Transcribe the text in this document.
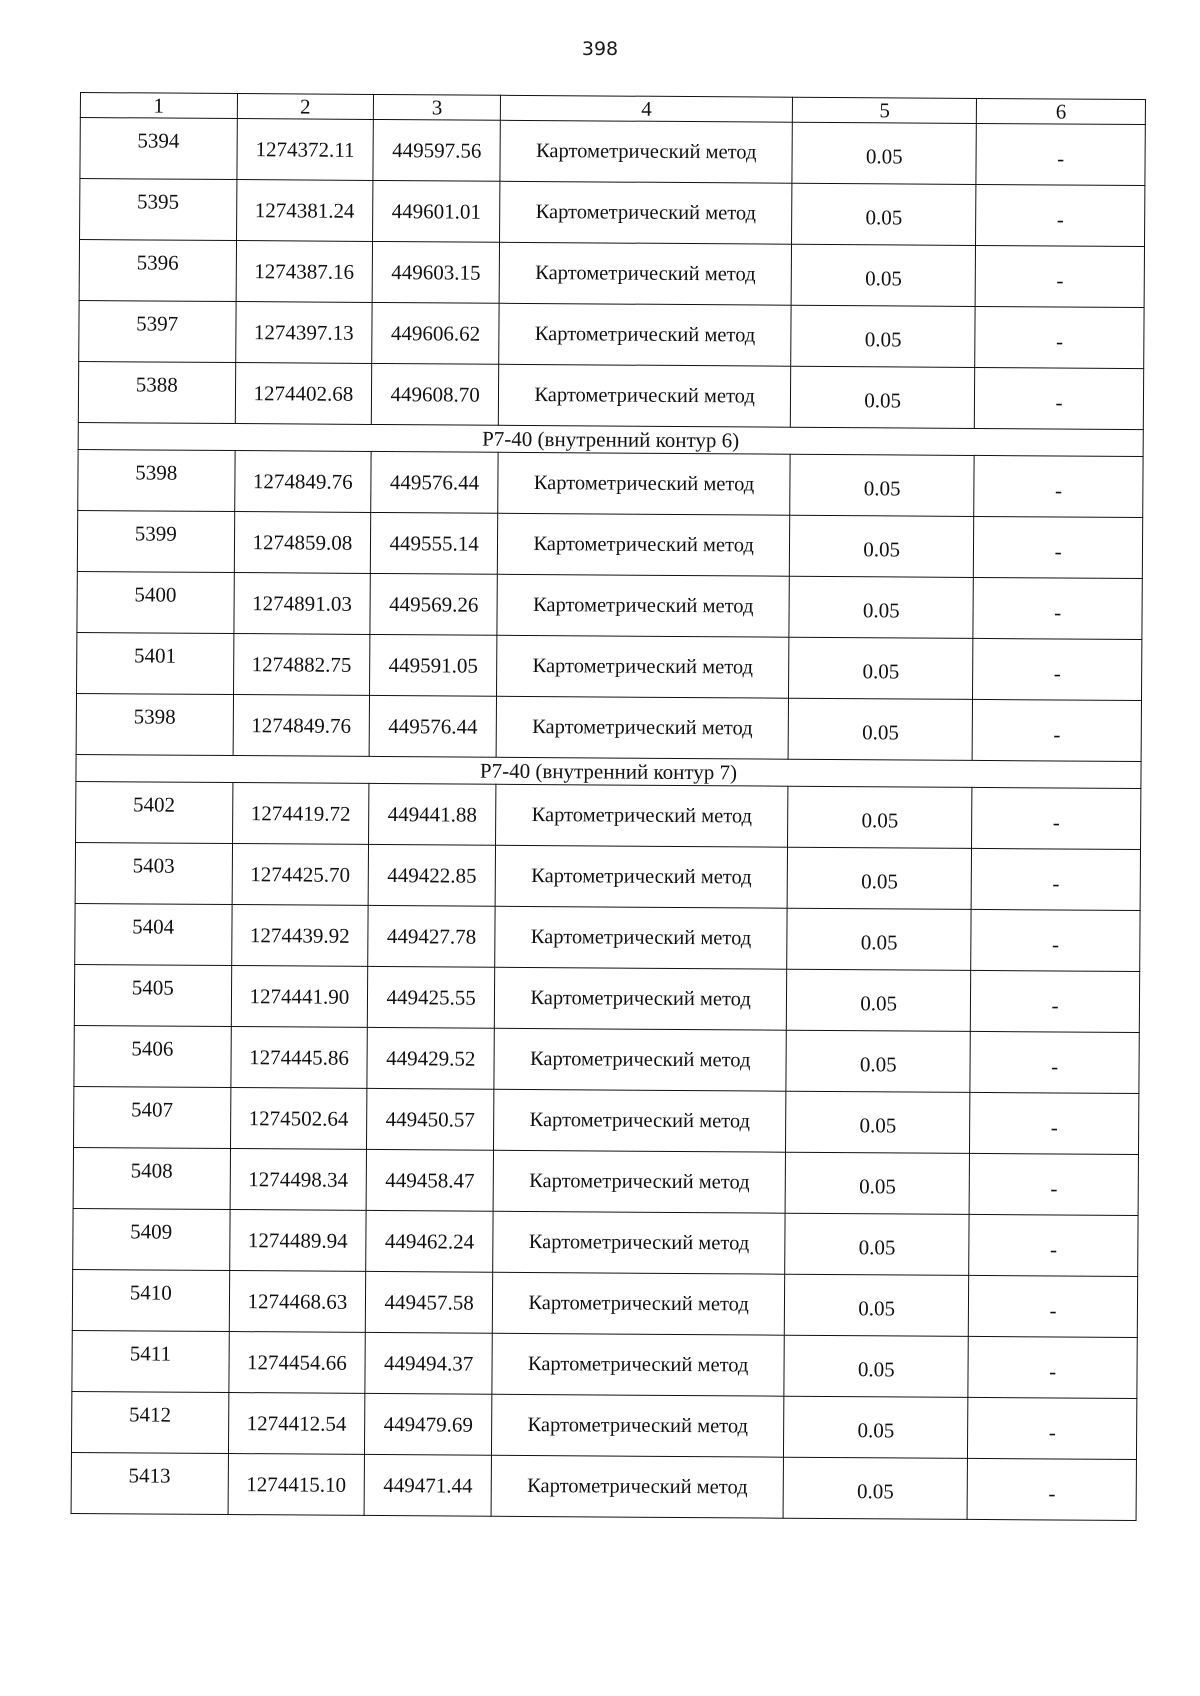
398
1	2	3	4	5	6
5394	1274372.11	449597.56	Картометрический метод	0.05	-
5395	1274381.24	449601.01	Картометрический метод	0.05	-
5396	1274387.16	449603.15	Картометрический метод	0.05	-
5397	1274397.13	449606.62	Картометрический метод	0.05	-
5388	1274402.68	449608.70	Картометрический метод	0.05	-
Р7-40 (внутренний контур 6)					
5398	1274849.76	449576.44	Картометрический метод	0.05	-
5399	1274859.08	449555.14	Картометрический метод	0.05	-
5400	1274891.03	449569.26	Картометрический метод	0.05	-
5401	1274882.75	449591.05	Картометрический метод	0.05	-
5398	1274849.76	449576.44	Картометрический метод	0.05	-
Р7-40 (внутренний контур 7)					
5402	1274419.72	449441.88	Картометрический метод	0.05	-
5403	1274425.70	449422.85	Картометрический метод	0.05	-
5404	1274439.92	449427.78	Картометрический метод	0.05	-
5405	1274441.90	449425.55	Картометрический метод	0.05	-
5406	1274445.86	449429.52	Картометрический метод	0.05	-
5407	1274502.64	449450.57	Картометрический метод	0.05	-
5408	1274498.34	449458.47	Картометрический метод	0.05	-
5409	1274489.94	449462.24	Картометрический метод	0.05	-
5410	1274468.63	449457.58	Картометрический метод	0.05	-
5411	1274454.66	449494.37	Картометрический метод	0.05	-
5412	1274412.54	449479.69	Картометрический метод	0.05	-
5413	1274415.10	449471.44	Картометрический метод	0.05	-
